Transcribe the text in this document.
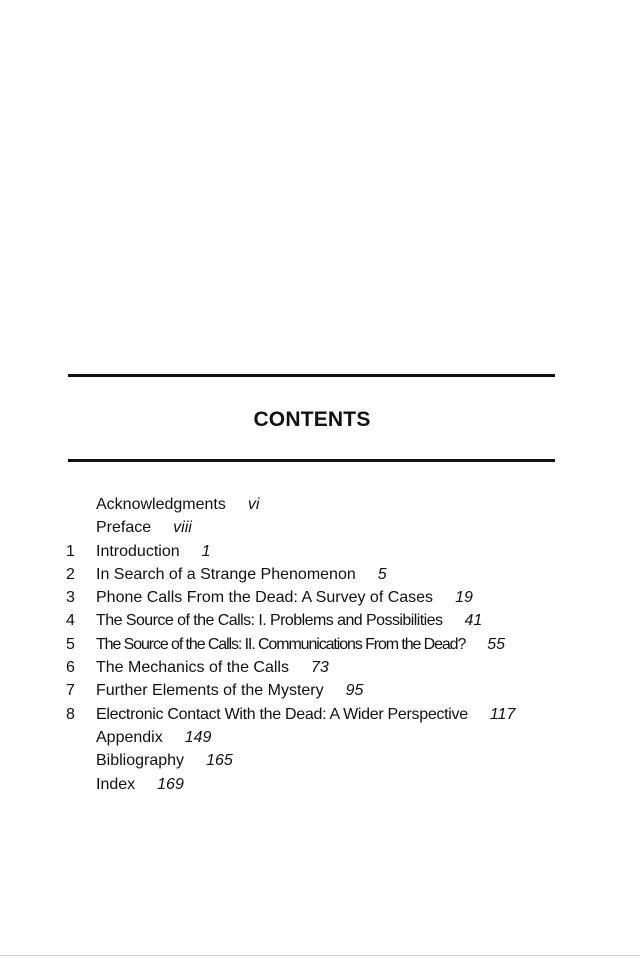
CONTENTS
Acknowledgments vi
Preface viii
1	Introduction 1
2	In Search of a Strange Phenomenon 5
3	Phone Calls From the Dead: A Survey of Cases 19
4	The Source of the Calls: I. Problems and Possibilities 41
5	The Source of the Calls: II. Communications From the Dead? 55
6	The Mechanics of the Calls 73
7	Further Elements of the Mystery 95
8	Electronic Contact With the Dead: A Wider Perspective 117
Appendix 149
Bibliography 165
Index 169
